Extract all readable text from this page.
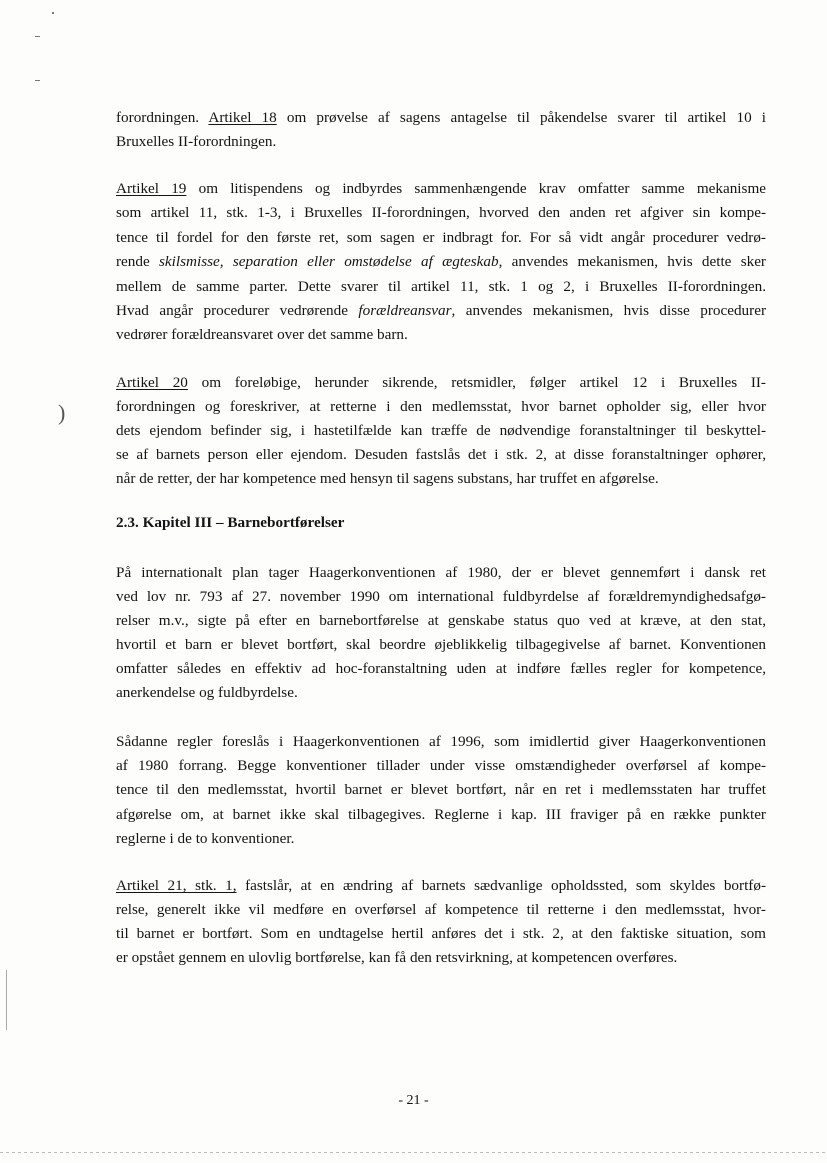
)
forordningen. Artikel 18 om prøvelse af sagens antagelse til påkendelse svarer til artikel 10 i
Bruxelles II-forordningen.
Artikel 19 om litispendens og indbyrdes sammenhængende krav omfatter samme mekanisme
som artikel 11, stk. 1-3, i Bruxelles II-forordningen, hvorved den anden ret afgiver sin kompe-
tence til fordel for den første ret, som sagen er indbragt for. For så vidt angår procedurer vedrø-
rende skilsmisse, separation eller omstødelse af ægteskab, anvendes mekanismen, hvis dette sker
mellem de samme parter. Dette svarer til artikel 11, stk. 1 og 2, i Bruxelles II-forordningen.
Hvad angår procedurer vedrørende forældreansvar, anvendes mekanismen, hvis disse procedurer
vedrører forældreansvaret over det samme barn.
Artikel 20 om foreløbige, herunder sikrende, retsmidler, følger artikel 12 i Bruxelles II-
forordningen og foreskriver, at retterne i den medlemsstat, hvor barnet opholder sig, eller hvor
dets ejendom befinder sig, i hastetilfælde kan træffe de nødvendige foranstaltninger til beskyttel-
se af barnets person eller ejendom. Desuden fastslås det i stk. 2, at disse foranstaltninger ophører,
når de retter, der har kompetence med hensyn til sagens substans, har truffet en afgørelse.
2.3. Kapitel III – Barnebortførelser
På internationalt plan tager Haagerkonventionen af 1980, der er blevet gennemført i dansk ret
ved lov nr. 793 af 27. november 1990 om international fuldbyrdelse af forældremyndighedsafgø-
relser m.v., sigte på efter en barnebortførelse at genskabe status quo ved at kræve, at den stat,
hvortil et barn er blevet bortført, skal beordre øjeblikkelig tilbagegivelse af barnet. Konventionen
omfatter således en effektiv ad hoc-foranstaltning uden at indføre fælles regler for kompetence,
anerkendelse og fuldbyrdelse.
Sådanne regler foreslås i Haagerkonventionen af 1996, som imidlertid giver Haagerkonventionen
af 1980 forrang. Begge konventioner tillader under visse omstændigheder overførsel af kompe-
tence til den medlemsstat, hvortil barnet er blevet bortført, når en ret i medlemsstaten har truffet
afgørelse om, at barnet ikke skal tilbagegives. Reglerne i kap. III fraviger på en række punkter
reglerne i de to konventioner.
Artikel 21, stk. 1, fastslår, at en ændring af barnets sædvanlige opholdssted, som skyldes bortfø-
relse, generelt ikke vil medføre en overførsel af kompetence til retterne i den medlemsstat, hvor-
til barnet er bortført. Som en undtagelse hertil anføres det i stk. 2, at den faktiske situation, som
er opstået gennem en ulovlig bortførelse, kan få den retsvirkning, at kompetencen overføres.
- 21 -
